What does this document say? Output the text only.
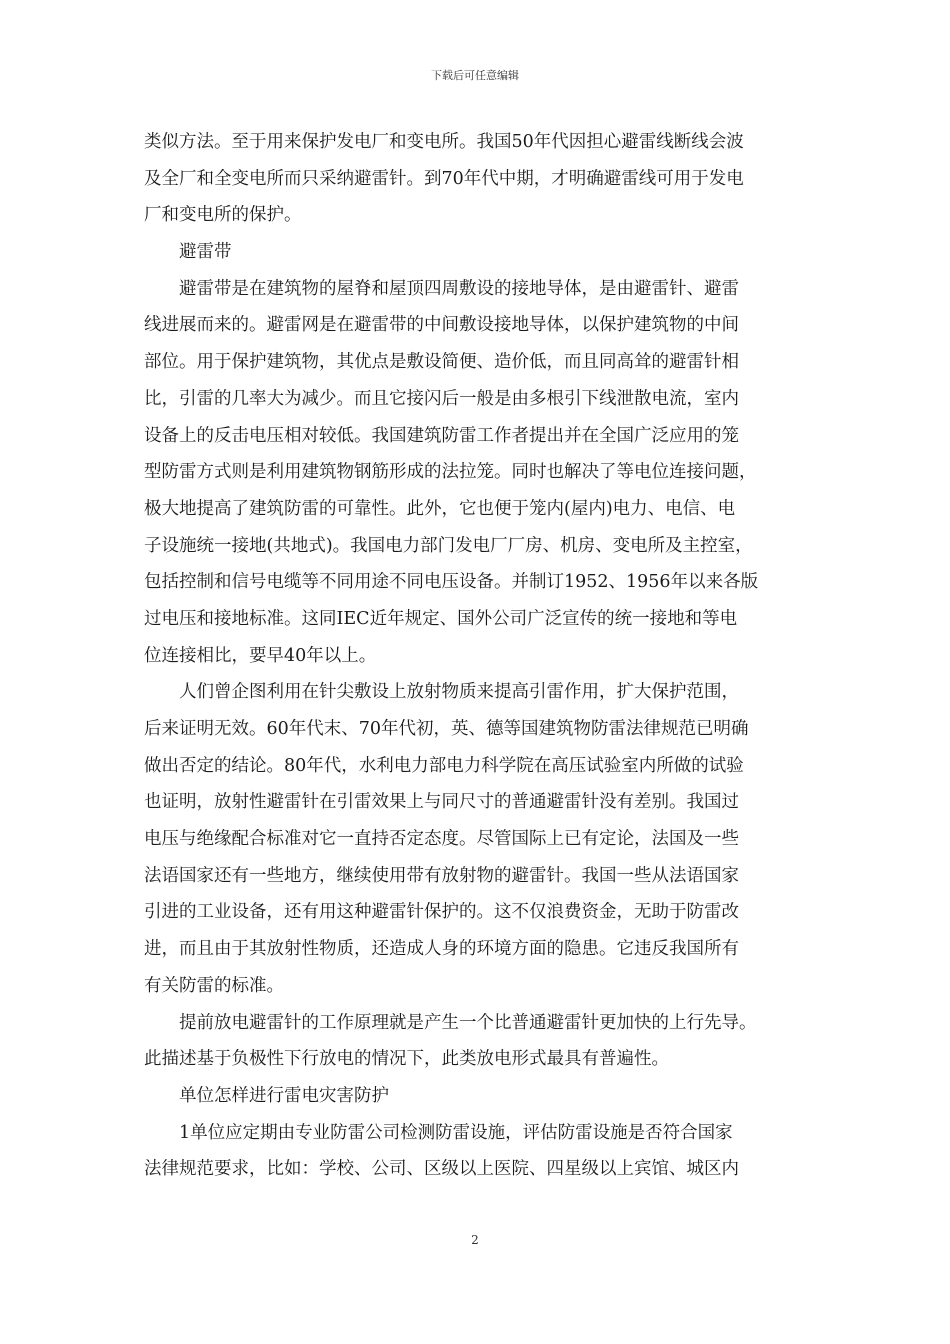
下载后可任意编辑
类似方法。至于用来保护发电厂和变电所。我国50年代因担心避雷线断线会波
及全厂和全变电所而只采纳避雷针。到70年代中期，才明确避雷线可用于发电
厂和变电所的保护。
避雷带
避雷带是在建筑物的屋脊和屋顶四周敷设的接地导体，是由避雷针、避雷
线进展而来的。避雷网是在避雷带的中间敷设接地导体，以保护建筑物的中间
部位。用于保护建筑物，其优点是敷设简便、造价低，而且同高耸的避雷针相
比，引雷的几率大为减少。而且它接闪后一般是由多根引下线泄散电流，室内
设备上的反击电压相对较低。我国建筑防雷工作者提出并在全国广泛应用的笼
型防雷方式则是利用建筑物钢筋形成的法拉笼。同时也解决了等电位连接问题，
极大地提高了建筑防雷的可靠性。此外，它也便于笼内(屋内)电力、电信、电
子设施统一接地(共地式)。我国电力部门发电厂厂房、机房、变电所及主控室，
包括控制和信号电缆等不同用途不同电压设备。并制订1952、1956年以来各版
过电压和接地标准。这同IEC近年规定、国外公司广泛宣传的统一接地和等电
位连接相比，要早40年以上。
人们曾企图利用在针尖敷设上放射物质来提高引雷作用，扩大保护范围，
后来证明无效。60年代末、70年代初，英、德等国建筑物防雷法律规范已明确
做出否定的结论。80年代，水利电力部电力科学院在高压试验室内所做的试验
也证明，放射性避雷针在引雷效果上与同尺寸的普通避雷针没有差别。我国过
电压与绝缘配合标准对它一直持否定态度。尽管国际上已有定论，法国及一些
法语国家还有一些地方，继续使用带有放射物的避雷针。我国一些从法语国家
引进的工业设备，还有用这种避雷针保护的。这不仅浪费资金，无助于防雷改
进，而且由于其放射性物质，还造成人身的环境方面的隐患。它违反我国所有
有关防雷的标准。
提前放电避雷针的工作原理就是产生一个比普通避雷针更加快的上行先导。
此描述基于负极性下行放电的情况下，此类放电形式最具有普遍性。
单位怎样进行雷电灾害防护
1单位应定期由专业防雷公司检测防雷设施，评估防雷设施是否符合国家
法律规范要求，比如：学校、公司、区级以上医院、四星级以上宾馆、城区内
2
